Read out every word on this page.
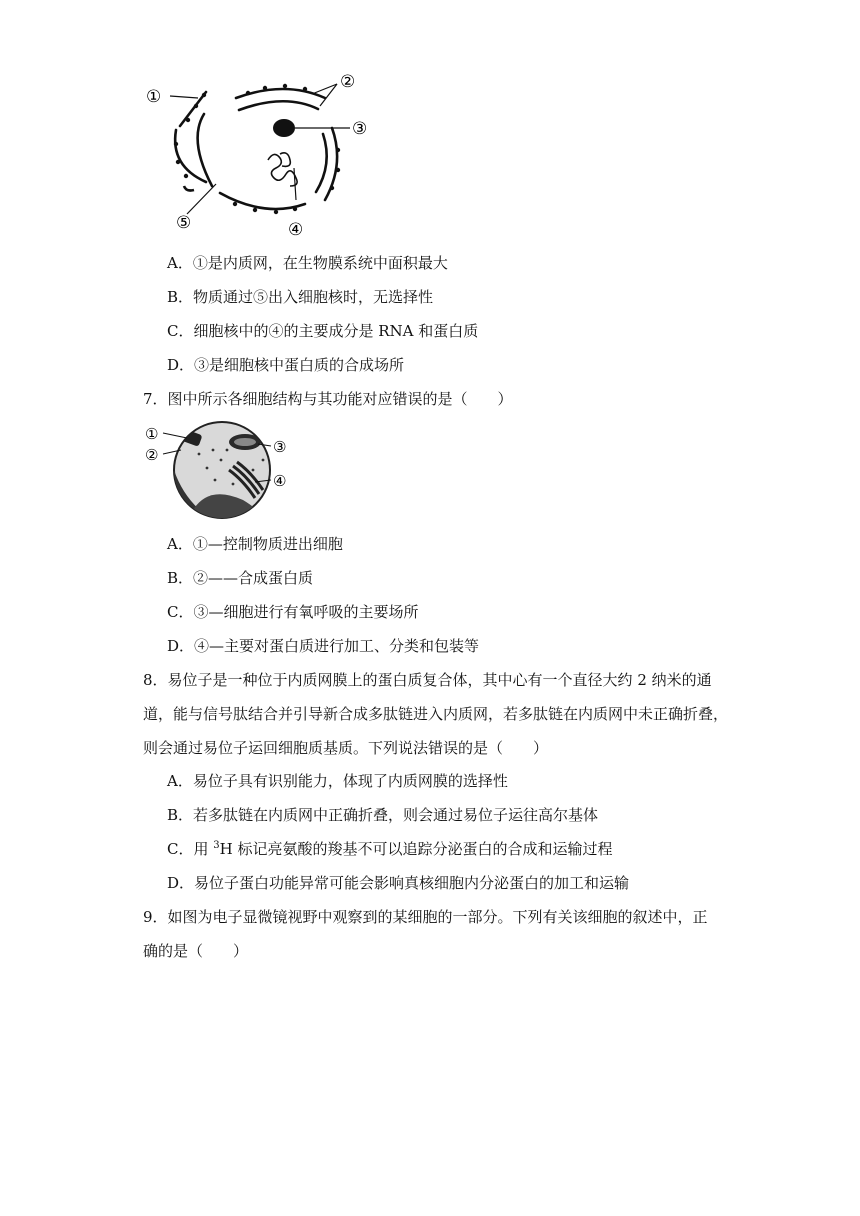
①
②
③
④
⑤
A．①是内质网，在生物膜系统中面积最大
B．物质通过⑤出入细胞核时，无选择性
C．细胞核中的④的主要成分是 RNA 和蛋白质
D．③是细胞核中蛋白质的合成场所
7．图中所示各细胞结构与其功能对应错误的是（　　）
①
②	③
④
A．①—控制物质进出细胞
B．②——合成蛋白质
C．③—细胞进行有氧呼吸的主要场所
D．④—主要对蛋白质进行加工、分类和包装等
8．易位子是一种位于内质网膜上的蛋白质复合体，其中心有一个直径大约 2 纳米的通
道，能与信号肽结合并引导新合成多肽链进入内质网，若多肽链在内质网中未正确折叠，
则会通过易位子运回细胞质基质。下列说法错误的是（　　）
A．易位子具有识别能力，体现了内质网膜的选择性
B．若多肽链在内质网中正确折叠，则会通过易位子运往高尔基体
C．用 $^3$H 标记亮氨酸的羧基不可以追踪分泌蛋白的合成和运输过程
D．易位子蛋白功能异常可能会影响真核细胞内分泌蛋白的加工和运输
9．如图为电子显微镜视野中观察到的某细胞的一部分。下列有关该细胞的叙述中，正
确的是（　　）
